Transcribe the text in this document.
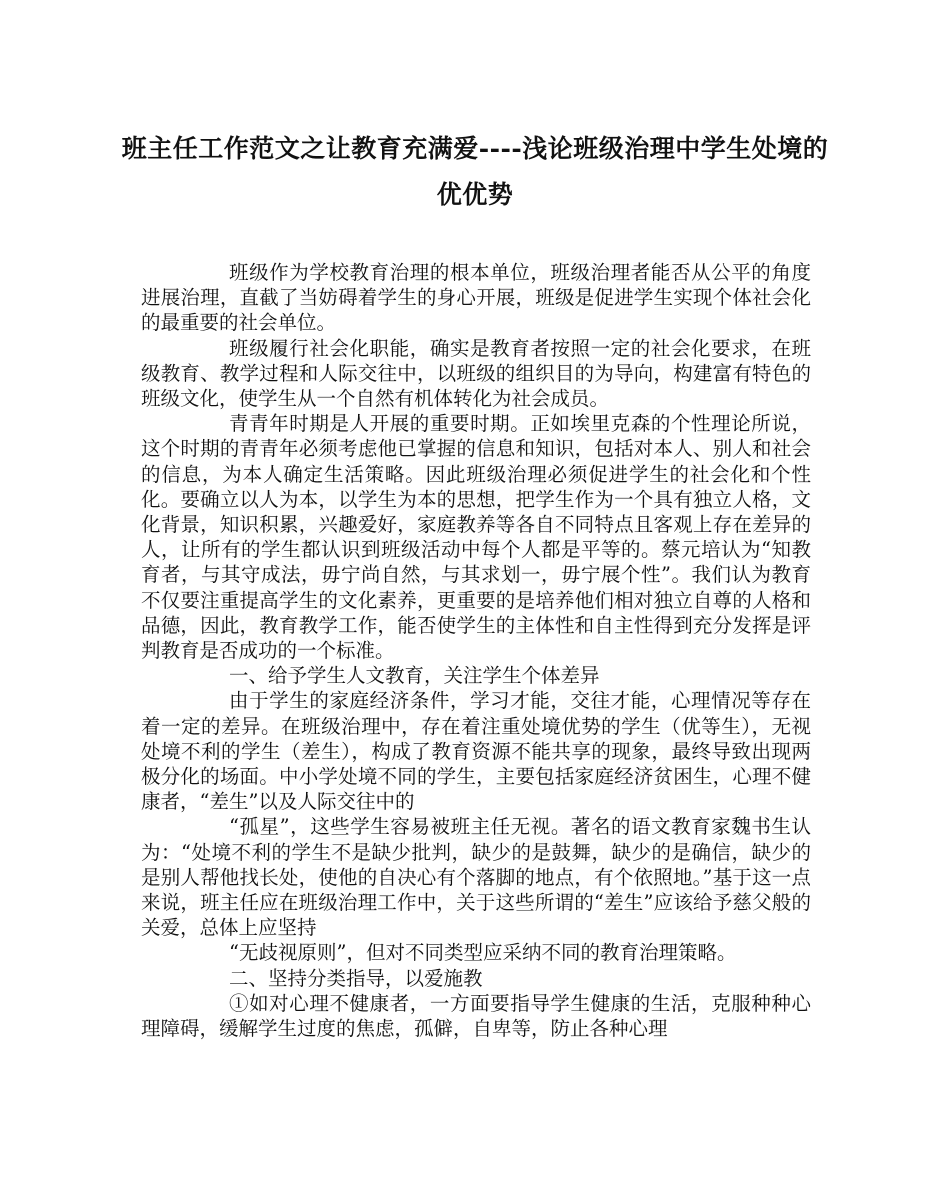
班主任工作范文之让教育充满爱----浅论班级治理中学生处境的优优势

班级作为学校教育治理的根本单位，班级治理者能否从公平的角度进展治理，直截了当妨碍着学生的身心开展，班级是促进学生实现个体社会化的最重要的社会单位。

班级履行社会化职能，确实是教育者按照一定的社会化要求，在班级教育、教学过程和人际交往中，以班级的组织目的为导向，构建富有特色的班级文化，使学生从一个自然有机体转化为社会成员。

青青年时期是人开展的重要时期。正如埃里克森的个性理论所说，这个时期的青青年必须考虑他已掌握的信息和知识，包括对本人、别人和社会的信息，为本人确定生活策略。因此班级治理必须促进学生的社会化和个性化。要确立以人为本，以学生为本的思想，把学生作为一个具有独立人格，文化背景，知识积累，兴趣爱好，家庭教养等各自不同特点且客观上存在差异的人，让所有的学生都认识到班级活动中每个人都是平等的。蔡元培认为“知教育者，与其守成法，毋宁尚自然，与其求划一，毋宁展个性”。我们认为教育不仅要注重提高学生的文化素养，更重要的是培养他们相对独立自尊的人格和品德，因此，教育教学工作，能否使学生的主体性和自主性得到充分发挥是评判教育是否成功的一个标准。

一、给予学生人文教育，关注学生个体差异

由于学生的家庭经济条件，学习才能，交往才能，心理情况等存在着一定的差异。在班级治理中，存在着注重处境优势的学生（优等生），无视处境不利的学生（差生），构成了教育资源不能共享的现象，最终导致出现两极分化的场面。中小学处境不同的学生，主要包括家庭经济贫困生，心理不健康者，“差生”以及人际交往中的

“孤星”，这些学生容易被班主任无视。著名的语文教育家魏书生认为：“处境不利的学生不是缺少批判，缺少的是鼓舞，缺少的是确信，缺少的是别人帮他找长处，使他的自决心有个落脚的地点，有个依照地。”基于这一点来说，班主任应在班级治理工作中，关于这些所谓的“差生”应该给予慈父般的关爱，总体上应坚持

“无歧视原则”，但对不同类型应采纳不同的教育治理策略。

二、坚持分类指导，以爱施教

①如对心理不健康者，一方面要指导学生健康的生活，克服种种心理障碍，缓解学生过度的焦虑，孤僻，自卑等，防止各种心理
